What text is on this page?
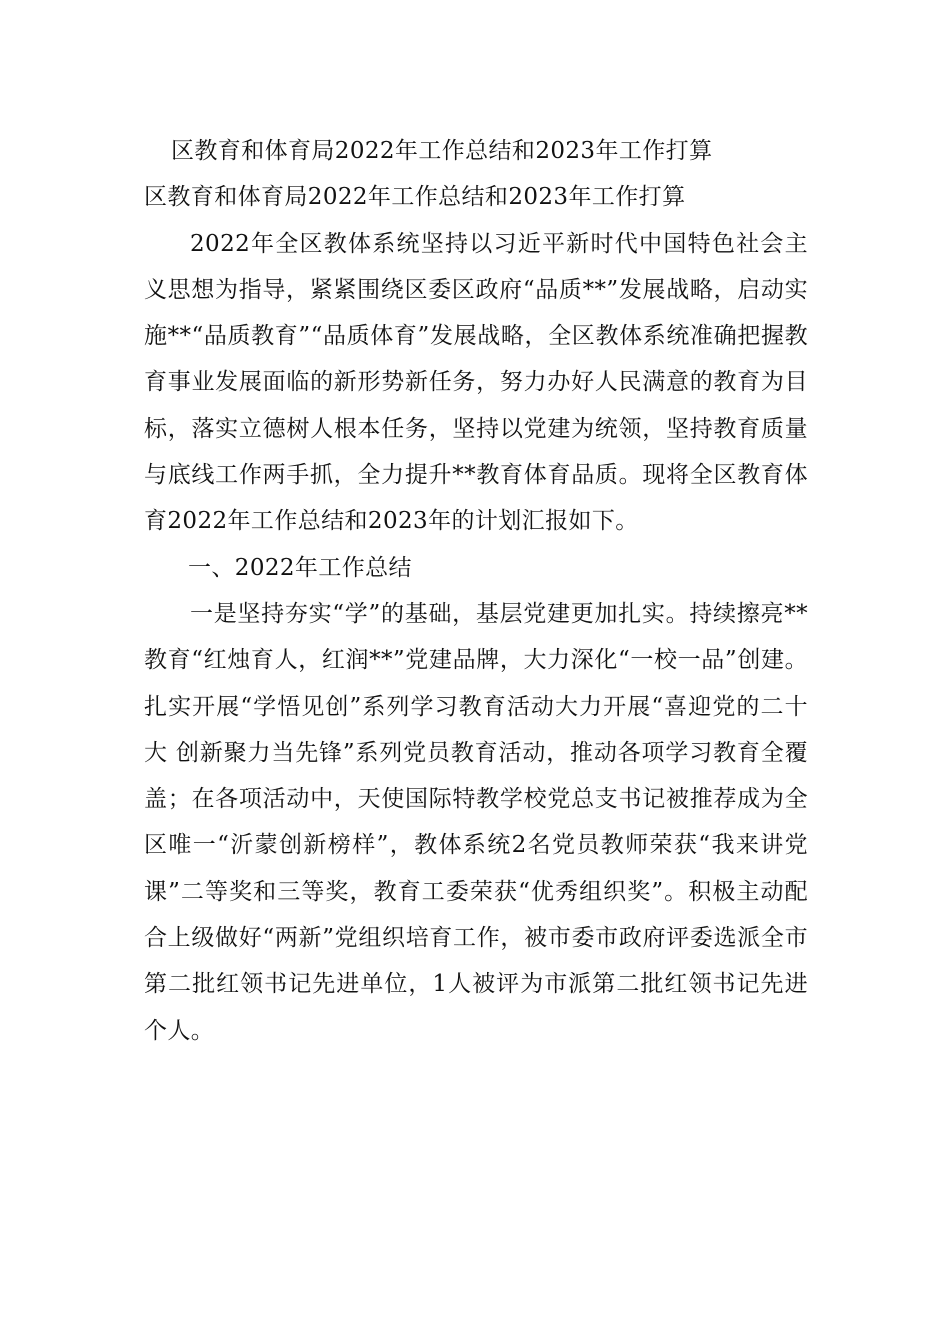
区教育和体育局2022年工作总结和2023年工作打算
区教育和体育局2022年工作总结和2023年工作打算

2022年全区教体系统坚持以习近平新时代中国特色社会主义思想为指导，紧紧围绕区委区政府“品质**”发展战略，启动实施**“品质教育”“品质体育”发展战略，全区教体系统准确把握教育事业发展面临的新形势新任务，努力办好人民满意的教育为目标，落实立德树人根本任务，坚持以党建为统领，坚持教育质量与底线工作两手抓，全力提升**教育体育品质。现将全区教育体育2022年工作总结和2023年的计划汇报如下。

一、2022年工作总结

一是坚持夯实“学”的基础，基层党建更加扎实。持续擦亮**教育“红烛育人，红润**”党建品牌，大力深化“一校一品”创建。扎实开展“学悟见创”系列学习教育活动大力开展“喜迎党的二十大 创新聚力当先锋”系列党员教育活动，推动各项学习教育全覆盖；在各项活动中，天使国际特教学校党总支书记被推荐成为全区唯一“沂蒙创新榜样”，教体系统2名党员教师荣获“我来讲党课”二等奖和三等奖，教育工委荣获“优秀组织奖”。积极主动配合上级做好“两新”党组织培育工作，被市委市政府评委选派全市第二批红领书记先进单位，1人被评为市派第二批红领书记先进个人。
